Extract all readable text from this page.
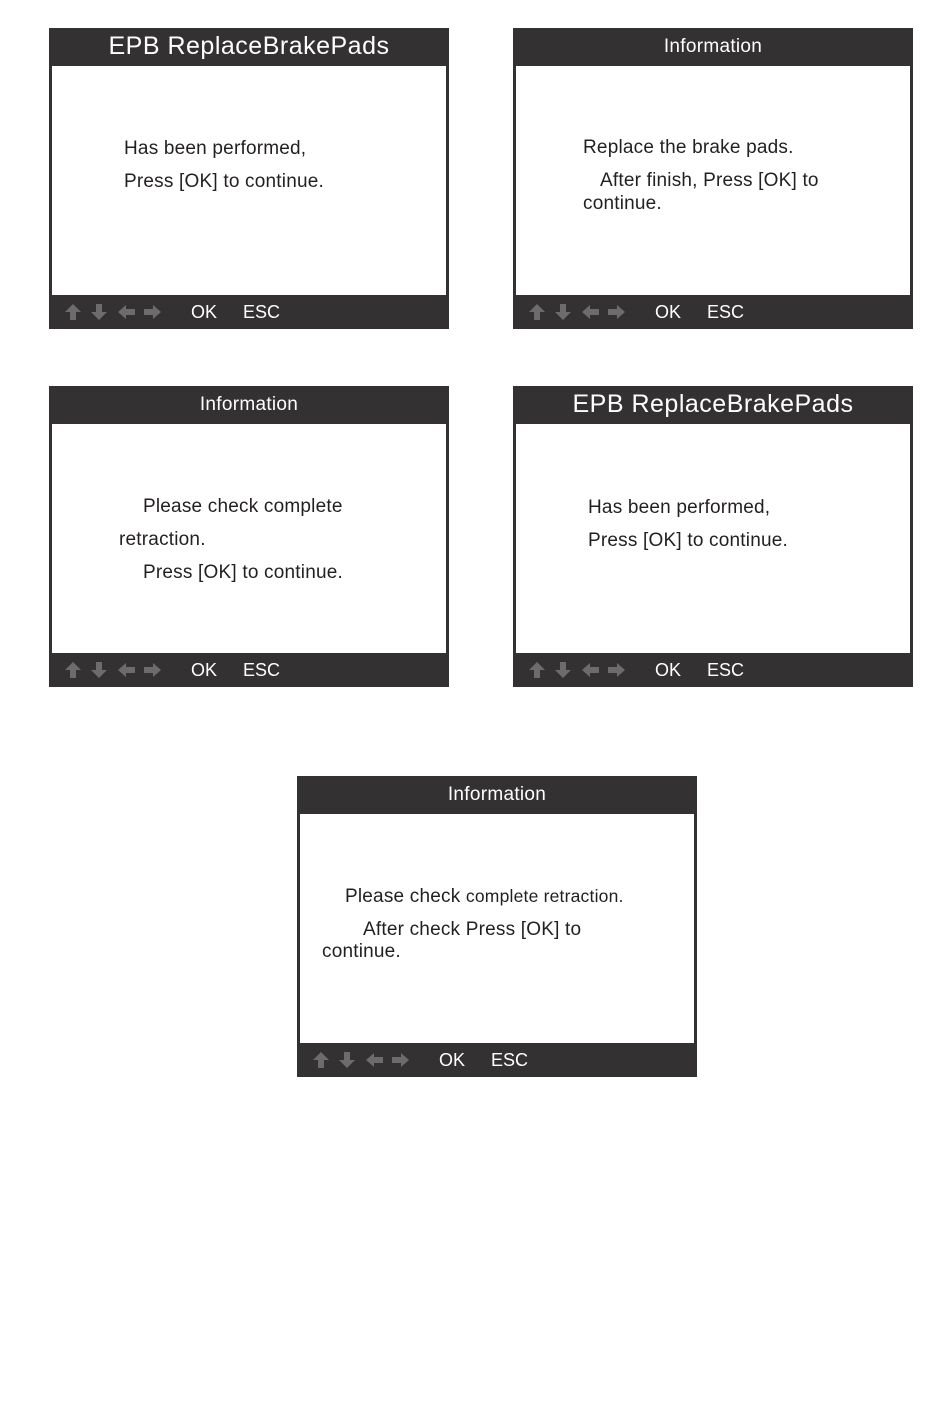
EPB ReplaceBrakePads
Has been performed,
Press [OK] to continue.
OK ESC
Information
Replace the brake pads.
After finish, Press [OK] to
continue.
OK ESC
Information
Please check complete
retraction.
Press [OK] to continue.
OK ESC
EPB ReplaceBrakePads
Has been performed,
Press [OK] to continue.
OK ESC
Information
Please check complete retraction.
After check Press [OK] to
continue.
OK ESC
